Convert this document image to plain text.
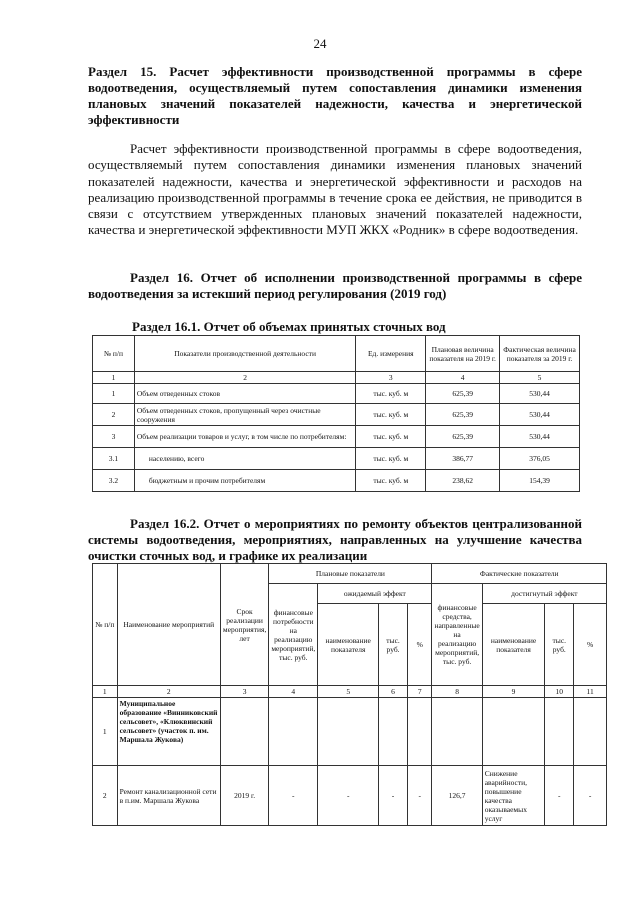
24
Раздел 15. Расчет эффективности производственной программы в сфере водоотведения, осуществляемый путем сопоставления динамики изменения плановых значений показателей надежности, качества и энергетической эффективности
Расчет эффективности производственной программы в сфере водоотведения, осуществляемый путем сопоставления динамики изменения плановых значений показателей надежности, качества и энергетической эффективности и расходов на реализацию производственной программы в течение срока ее действия, не приводится в связи с отсутствием утвержденных плановых значений показателей надежности, качества и энергетической эффективности МУП ЖКХ «Родник» в сфере водоотведения.
Раздел 16. Отчет об исполнении производственной программы в сфере водоотведения за истекший период регулирования (2019 год)
Раздел 16.1. Отчет об объемах принятых сточных вод
№ п/п	Показатели производственной деятельности	Ед. измерения	Плановая величина показателя на 2019 г.	Фактическая величина показателя за 2019 г.
1	2	3	4	5
1	Объем отведенных стоков	тыс. куб. м	625,39	530,44
2	Объем отведенных стоков, пропущенный через очистные сооружения	тыс. куб. м	625,39	530,44
3	Объем реализации товаров и услуг, в том числе по потребителям:	тыс. куб. м	625,39	530,44
3.1	населению, всего	тыс. куб. м	386,77	376,05
3.2	бюджетным и прочим потребителям	тыс. куб. м	238,62	154,39
Раздел 16.2. Отчет о мероприятиях по ремонту объектов централизованной системы водоотведения, мероприятиях, направленных на улучшение качества очистки сточных вод, и графике их реализации
№ п/п	Наименование мероприятий	Срок реализации мероприятия, лет	Плановые показатели				Фактические показатели			
			финансовые потребности на реализацию мероприятий, тыс. руб.	ожидаемый эффект			финансовые средства, направленные на реализацию мероприятий, тыс. руб.	достигнутый эффект		
				наименование показателя	тыс. руб.	%		наименование показателя	тыс. руб.	%
1	2	3	4	5	6	7	8	9	10	11
1	Муниципальное образование «Винниковский сельсовет», «Клюквинский сельсовет» (участок п. им. Маршала Жукова)									
2	Ремонт канализационной сети в п.им. Маршала Жукова	2019 г.	-	-	-	-	126,7	Снижение аварийности, повышение качества оказываемых услуг	-	-
